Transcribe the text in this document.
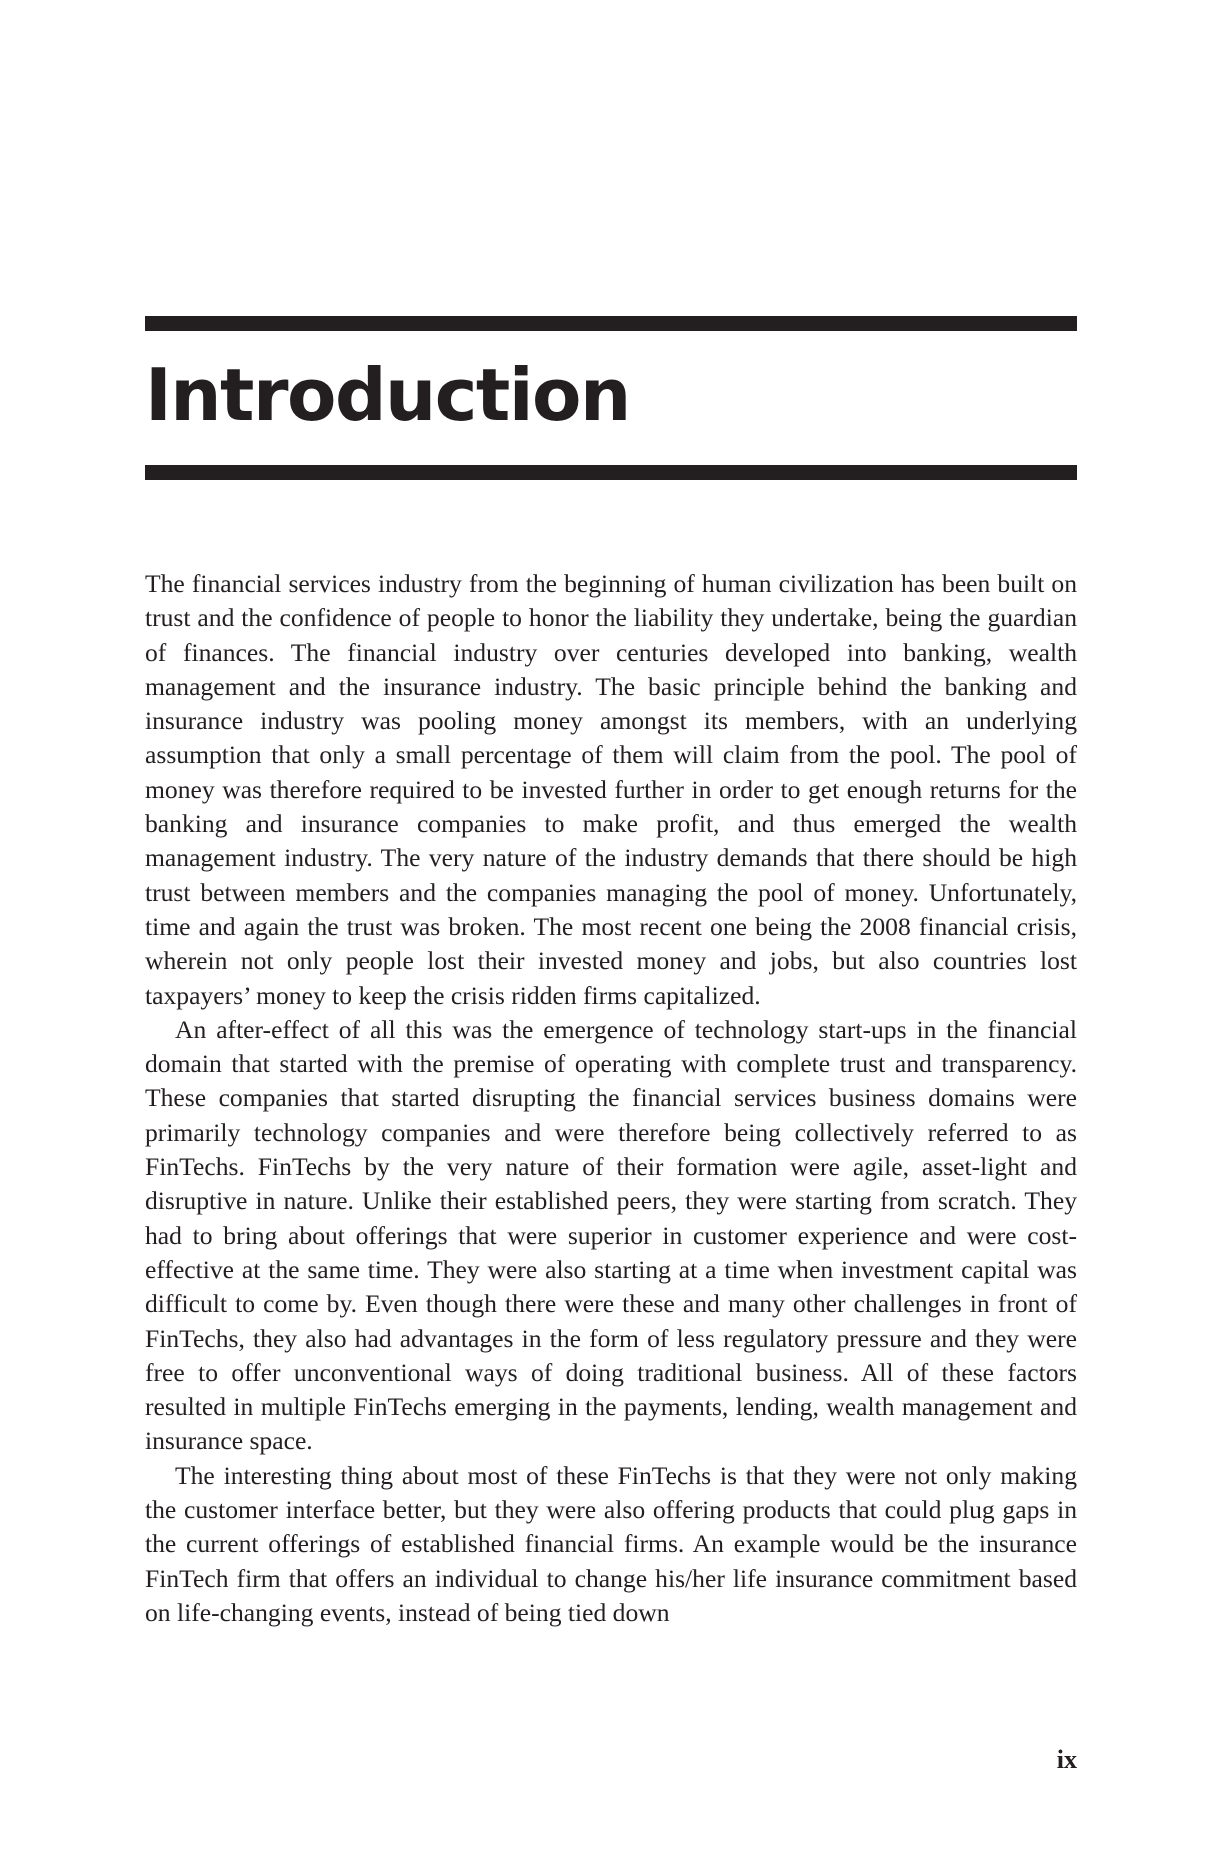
Introduction

The financial services industry from the beginning of human civilization has been built on trust and the confidence of people to honor the liability they undertake, being the guardian of finances. The financial industry over centuries developed into banking, wealth management and the insurance industry. The basic principle behind the banking and insurance industry was pooling money amongst its members, with an underlying assumption that only a small percentage of them will claim from the pool. The pool of money was therefore required to be invested further in order to get enough returns for the banking and insurance companies to make profit, and thus emerged the wealth management industry. The very nature of the industry demands that there should be high trust between members and the companies managing the pool of money. Unfortunately, time and again the trust was broken. The most recent one being the 2008 financial crisis, wherein not only people lost their invested money and jobs, but also countries lost taxpayers’ money to keep the crisis ridden firms capitalized.

An after-effect of all this was the emergence of technology start-ups in the financial domain that started with the premise of operating with complete trust and transparency. These companies that started disrupting the financial services business domains were primarily technology companies and were therefore being collectively referred to as FinTechs. FinTechs by the very nature of their formation were agile, asset-light and disruptive in nature. Unlike their established peers, they were starting from scratch. They had to bring about offerings that were superior in customer experience and were cost-effective at the same time. They were also starting at a time when investment capital was difficult to come by. Even though there were these and many other challenges in front of FinTechs, they also had advantages in the form of less regulatory pressure and they were free to offer unconventional ways of doing traditional business. All of these factors resulted in multiple FinTechs emerging in the payments, lending, wealth management and insurance space.

The interesting thing about most of these FinTechs is that they were not only making the customer interface better, but they were also offering products that could plug gaps in the current offerings of established financial firms. An example would be the insurance FinTech firm that offers an individual to change his/her life insurance commitment based on life-changing events, instead of being tied down

ix
